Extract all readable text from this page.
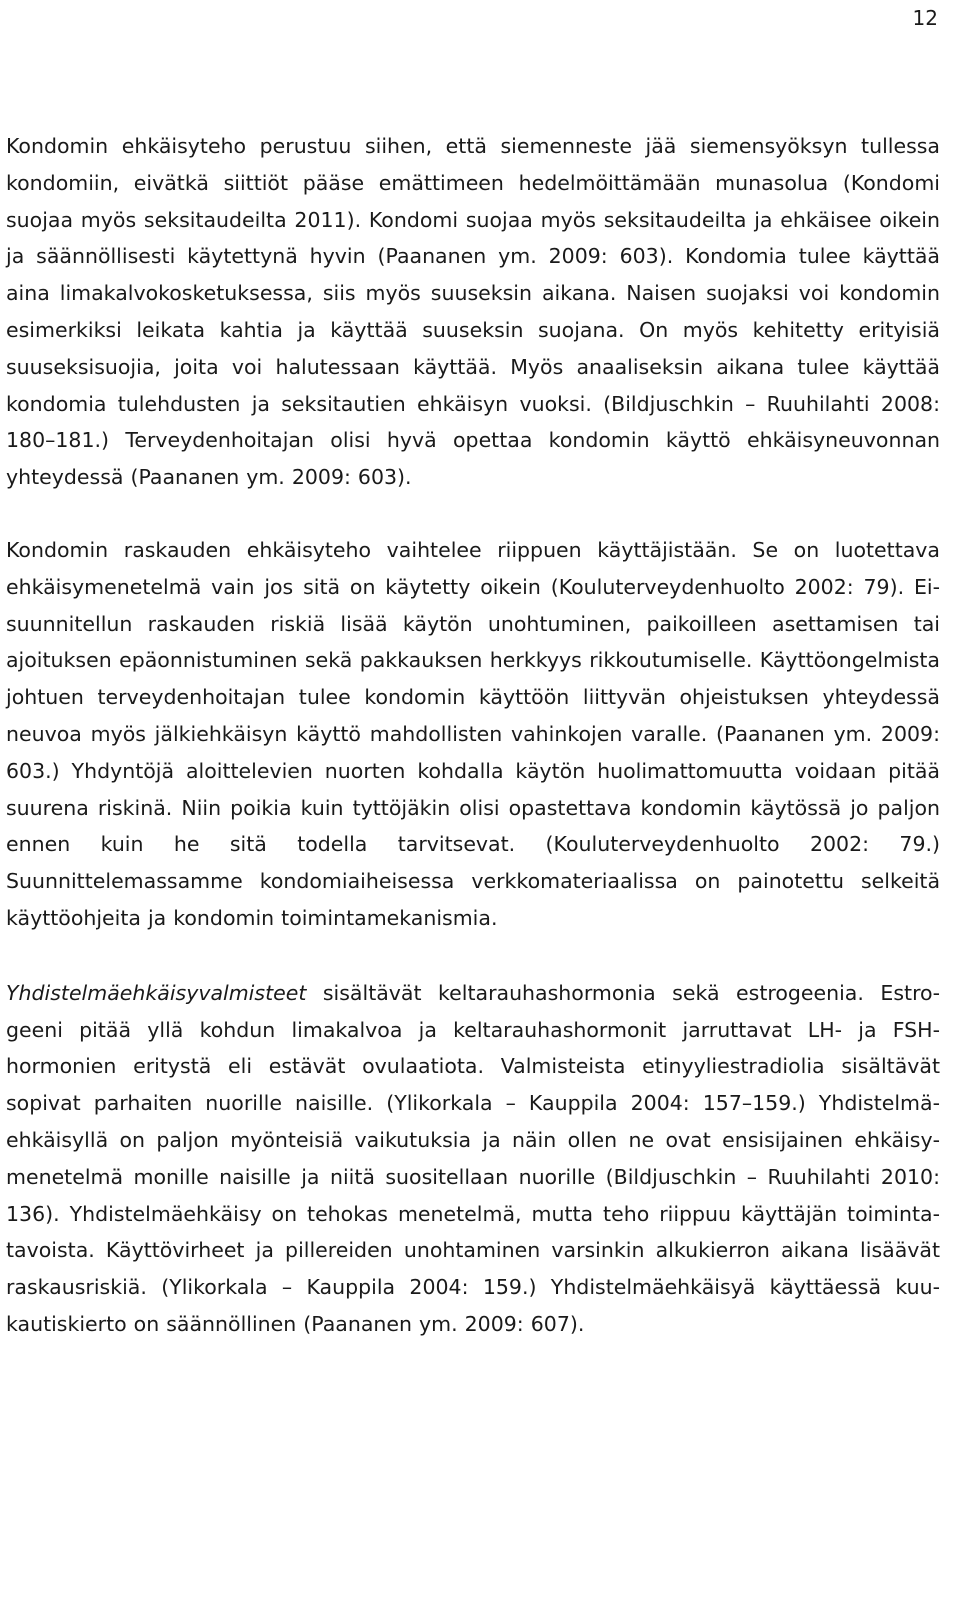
12

Kondomin ehkäisyteho perustuu siihen, että siemenneste jää siemensyöksyn tullessa kondomiin, eivätkä siittiöt pääse emättimeen hedelmöittämään munasolua (Kondomi suojaa myös seksitaudeilta 2011). Kondomi suojaa myös seksitaudeilta ja ehkäisee oikein ja säännöllisesti käytettynä hyvin (Paananen ym. 2009: 603). Kondomia tulee käyttää aina limakalvokosketuksessa, siis myös suuseksin aikana. Naisen suojaksi voi kondomin esimerkiksi leikata kahtia ja käyttää suuseksin suojana. On myös kehitetty erityisiä suuseksisuojia, joita voi halutessaan käyttää. Myös anaaliseksin aikana tulee käyttää kondomia tulehdusten ja seksitautien ehkäisyn vuoksi. (Bildjuschkin – Ruuhilahti 2008: 180–181.) Terveydenhoitajan olisi hyvä opettaa kondomin käyttö ehkäisyneuvonnan yhteydessä (Paananen ym. 2009: 603).

Kondomin raskauden ehkäisyteho vaihtelee riippuen käyttäjistään. Se on luotettava ehkäisymenetelmä vain jos sitä on käytetty oikein (Kouluterveydenhuolto 2002: 79). Eisuunnitellun raskauden riskiä lisää käytön unohtuminen, paikoilleen asettamisen tai ajoituksen epäonnistuminen sekä pakkauksen herkkyys rikkoutumiselle. Käyttöongelmista johtuen terveydenhoitajan tulee kondomin käyttöön liittyvän ohjeistuksen yhteydessä neuvoa myös jälkiehkäisyn käyttö mahdollisten vahinkojen varalle. (Paananen ym. 2009: 603.) Yhdyntöjä aloittelevien nuorten kohdalla käytön huolimattomuutta voidaan pitää suurena riskinä. Niin poikia kuin tyttöjäkin olisi opastettava kondomin käytössä jo paljon ennen kuin he sitä todella tarvitsevat. (Kouluterveydenhuolto 2002: 79.) Suunnittelemassamme kondomiaiheisessa verkkomateriaalissa on painotettu selkeitä käyttöohjeita ja kondomin toimintamekanismia.

Yhdistelmäehkäisyvalmisteet sisältävät keltarauhashormonia sekä estrogeenia. Estrogeeni pitää yllä kohdun limakalvoa ja keltarauhashormonit jarruttavat LH- ja FSH-hormonien eritystä eli estävät ovulaatiota. Valmisteista etinyyliestradiolia sisältävät sopivat parhaiten nuorille naisille. (Ylikorkala – Kauppila 2004: 157–159.) Yhdistelmäehkäisyllä on paljon myönteisiä vaikutuksia ja näin ollen ne ovat ensisijainen ehkäisymenetelmä monille naisille ja niitä suositellaan nuorille (Bildjuschkin – Ruuhilahti 2010: 136). Yhdistelmäehkäisy on tehokas menetelmä, mutta teho riippuu käyttäjän toimintatavoista. Käyttövirheet ja pillereiden unohtaminen varsinkin alkukierron aikana lisäävät raskausriskiä. (Ylikorkala – Kauppila 2004: 159.) Yhdistelmäehkäisyä käyttäessä kuukautiskierto on säännöllinen (Paananen ym. 2009: 607).
